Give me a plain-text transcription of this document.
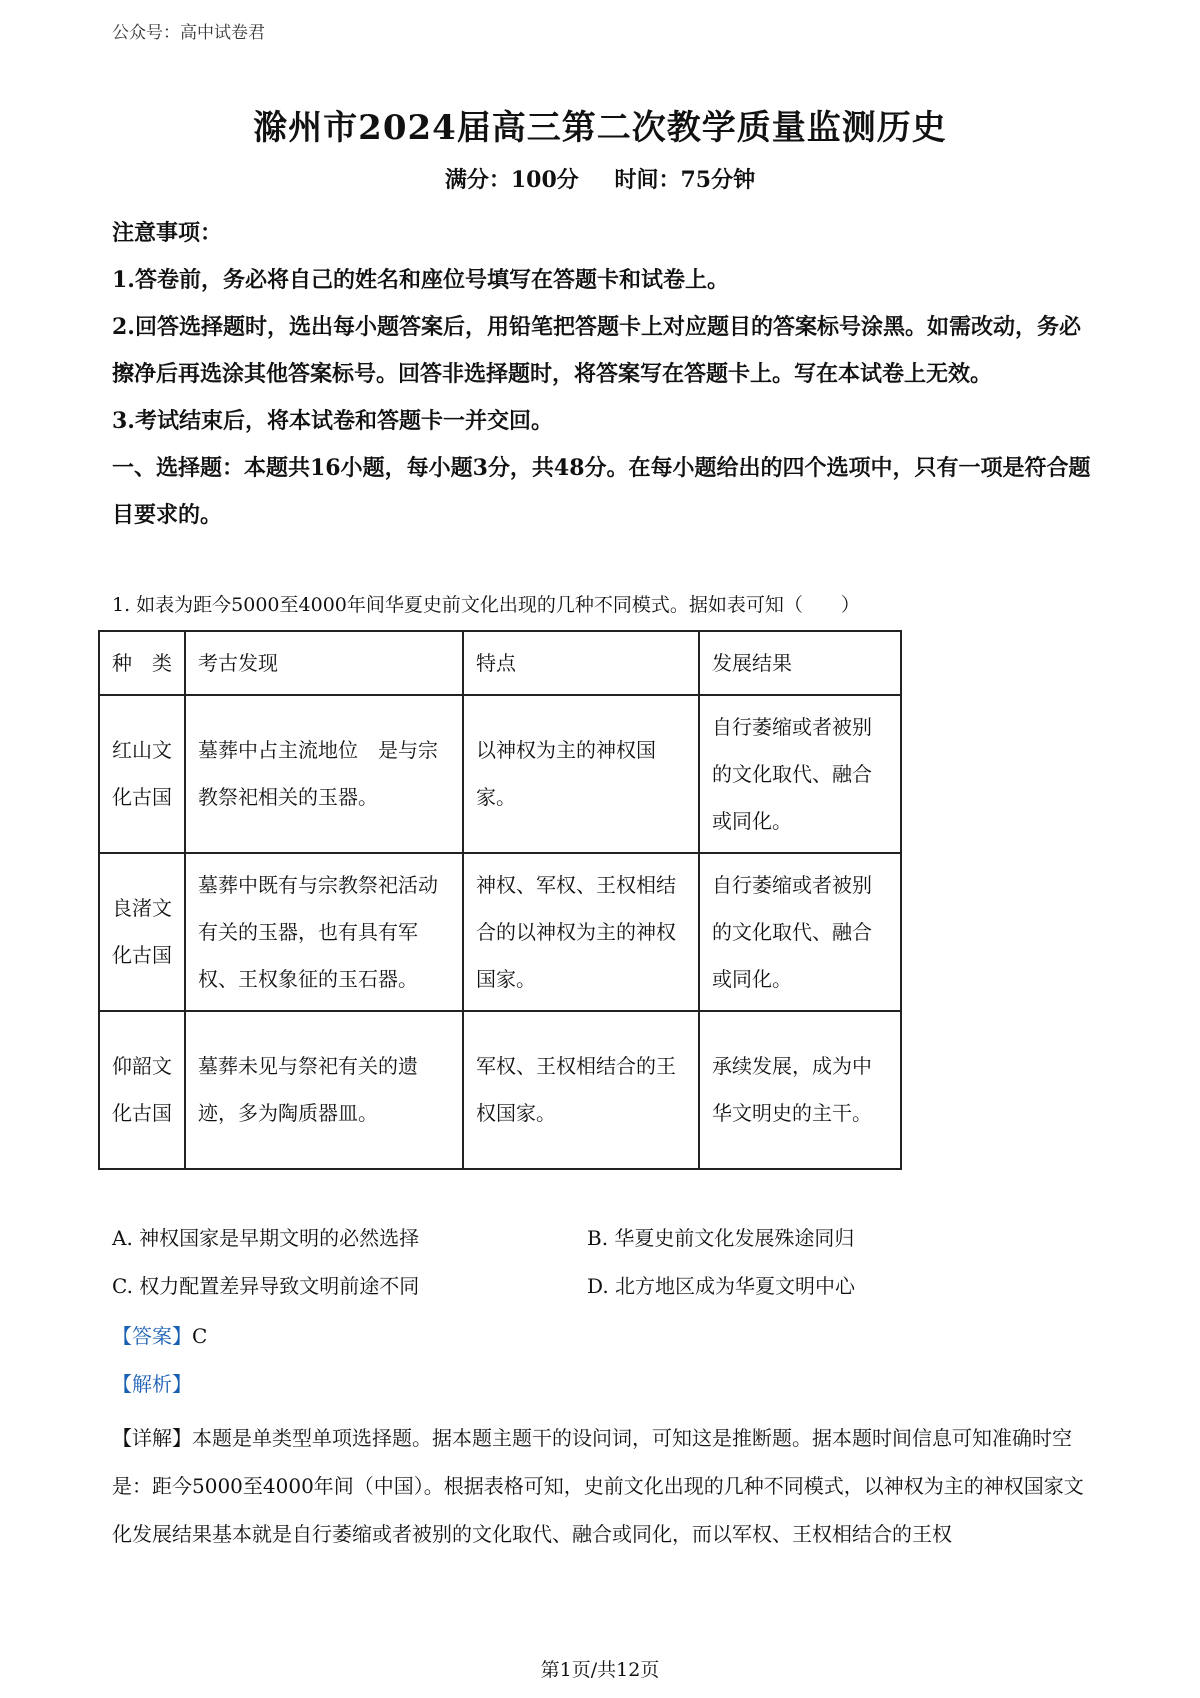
公众号：高中试卷君
滁州市2024届高三第二次教学质量监测历史
满分：100分 时间：75分钟

注意事项：

1.答卷前，务必将自己的姓名和座位号填写在答题卡和试卷上。

2.回答选择题时，选出每小题答案后，用铅笔把答题卡上对应题目的答案标号涂黑。如需改动，务必擦净后再选涂其他答案标号。回答非选择题时，将答案写在答题卡上。写在本试卷上无效。

3.考试结束后，将本试卷和答题卡一并交回。

一、选择题：本题共16小题，每小题3分，共48分。在每小题给出的四个选项中，只有一项是符合题目要求的。

1. 如表为距今5000至4000年间华夏史前文化出现的几种不同模式。据如表可知（　　）
种类	考古发现	特点	发展结果
红山文化古国	墓葬中占主流地位　是与宗教祭祀相关的玉器。	以神权为主的神权国家。	自行萎缩或者被别的文化取代、融合或同化。
良渚文化古国	墓葬中既有与宗教祭祀活动有关的玉器，也有具有军权、王权象征的玉石器。	神权、军权、王权相结合的以神权为主的神权国家。	自行萎缩或者被别的文化取代、融合或同化。
仰韶文化古国	墓葬未见与祭祀有关的遗迹，多为陶质器皿。	军权、王权相结合的王权国家。	承续发展，成为中华文明史的主干。
A. 神权国家是早期文明的必然选择	B. 华夏史前文化发展殊途同归
C. 权力配置差异导致文明前途不同	D. 北方地区成为华夏文明中心
【答案】C
【解析】
【详解】本题是单类型单项选择题。据本题主题干的设问词，可知这是推断题。据本题时间信息可知准确时空是：距今5000至4000年间（中国）。根据表格可知，史前文化出现的几种不同模式，以神权为主的神权国家文化发展结果基本就是自行萎缩或者被别的文化取代、融合或同化，而以军权、王权相结合的王权
第1页/共12页
